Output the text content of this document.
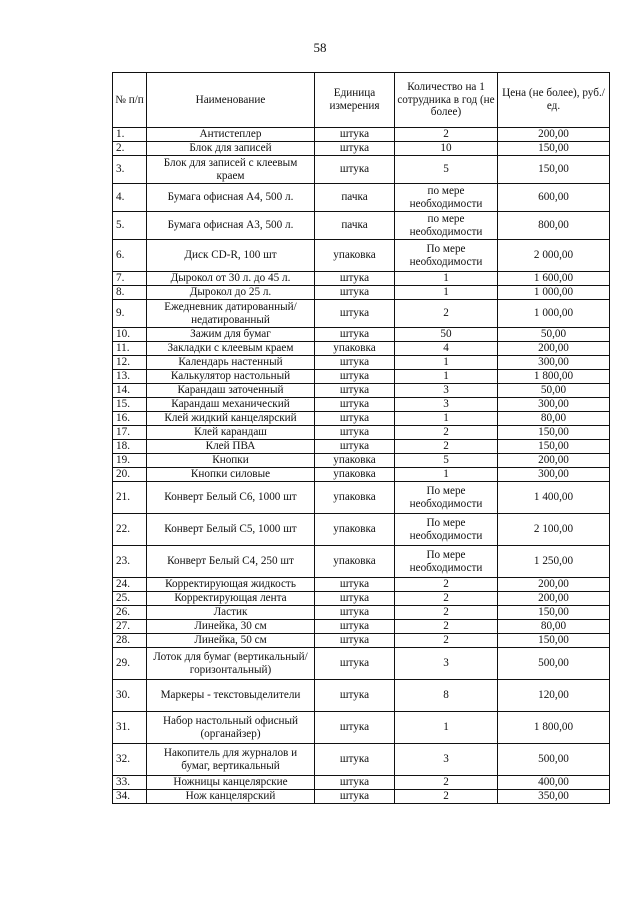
58
№ п/п	Наименование	Единица измерения	Количество на 1 сотрудника в год (не более)	Цена (не более), руб./ед.
1.	Антистеплер	штука	2	200,00
2.	Блок для записей	штука	10	150,00
3.	Блок для записей с клеевым краем	штука	5	150,00
4.	Бумага офисная А4, 500 л.	пачка	по мере необходимости	600,00
5.	Бумага офисная А3, 500 л.	пачка	по мере необходимости	800,00
6.	Диск CD-R, 100 шт	упаковка	По мере необходимости	2 000,00
7.	Дырокол от 30 л. до 45 л.	штука	1	1 600,00
8.	Дырокол до 25 л.	штука	1	1 000,00
9.	Ежедневник датированный/ недатированный	штука	2	1 000,00
10.	Зажим для бумаг	штука	50	50,00
11.	Закладки с клеевым краем	упаковка	4	200,00
12.	Календарь настенный	штука	1	300,00
13.	Калькулятор настольный	штука	1	1 800,00
14.	Карандаш заточенный	штука	3	50,00
15.	Карандаш механический	штука	3	300,00
16.	Клей жидкий канцелярский	штука	1	80,00
17.	Клей карандаш	штука	2	150,00
18.	Клей ПВА	штука	2	150,00
19.	Кнопки	упаковка	5	200,00
20.	Кнопки силовые	упаковка	1	300,00
21.	Конверт Белый С6, 1000 шт	упаковка	По мере необходимости	1 400,00
22.	Конверт Белый С5, 1000 шт	упаковка	По мере необходимости	2 100,00
23.	Конверт Белый С4, 250 шт	упаковка	По мере необходимости	1 250,00
24.	Корректирующая жидкость	штука	2	200,00
25.	Корректирующая лента	штука	2	200,00
26.	Ластик	штука	2	150,00
27.	Линейка, 30 см	штука	2	80,00
28.	Линейка, 50 см	штука	2	150,00
29.	Лоток для бумаг (вертикальный/горизонтальный)	штука	3	500,00
30.	Маркеры - текстовыделители	штука	8	120,00
31.	Набор настольный офисный (органайзер)	штука	1	1 800,00
32.	Накопитель для журналов и бумаг, вертикальный	штука	3	500,00
33.	Ножницы канцелярские	штука	2	400,00
34.	Нож канцелярский	штука	2	350,00
